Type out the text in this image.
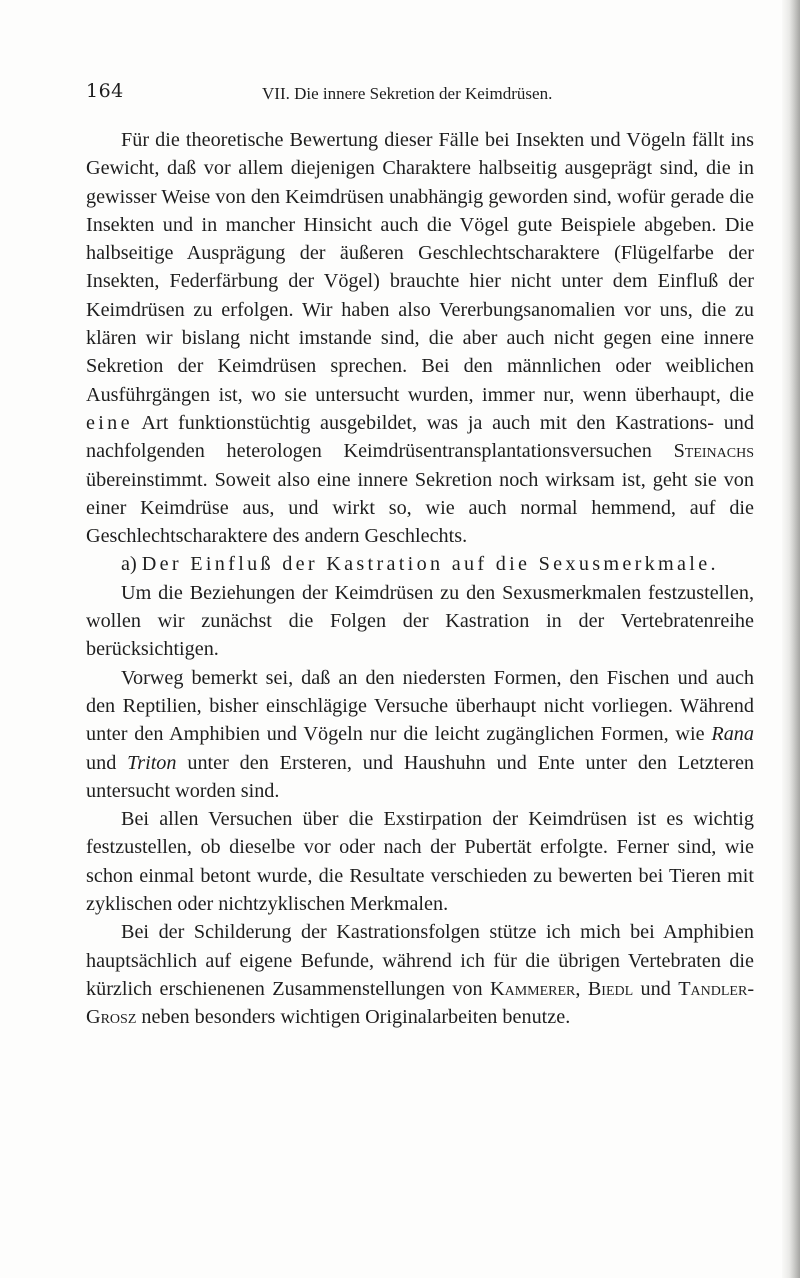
164	VII. Die innere Sekretion der Keimdrüsen.

Für die theoretische Bewertung dieser Fälle bei Insekten und Vögeln fällt ins Gewicht, daß vor allem diejenigen Charaktere halbseitig ausgeprägt sind, die in gewisser Weise von den Keimdrüsen unabhängig geworden sind, wofür gerade die Insekten und in mancher Hinsicht auch die Vögel gute Beispiele abgeben. Die halbseitige Ausprägung der äußeren Geschlechtscharaktere (Flügelfarbe der Insekten, Federfärbung der Vögel) brauchte hier nicht unter dem Einfluß der Keimdrüsen zu erfolgen. Wir haben also Vererbungsanomalien vor uns, die zu klären wir bislang nicht imstande sind, die aber auch nicht gegen eine innere Sekretion der Keimdrüsen sprechen. Bei den männlichen oder weiblichen Ausführgängen ist, wo sie untersucht wurden, immer nur, wenn überhaupt, die eine Art funktionstüchtig ausgebildet, was ja auch mit den Kastrations- und nachfolgenden heterologen Keimdrüsentransplantationsversuchen Steinachs übereinstimmt. Soweit also eine innere Sekretion noch wirksam ist, geht sie von einer Keimdrüse aus, und wirkt so, wie auch normal hemmend, auf die Geschlechtscharaktere des andern Geschlechts.

a) Der Einfluß der Kastration auf die Sexusmerkmale.

Um die Beziehungen der Keimdrüsen zu den Sexusmerkmalen festzustellen, wollen wir zunächst die Folgen der Kastration in der Vertebratenreihe berücksichtigen.

Vorweg bemerkt sei, daß an den niedersten Formen, den Fischen und auch den Reptilien, bisher einschlägige Versuche überhaupt nicht vorliegen. Während unter den Amphibien und Vögeln nur die leicht zugänglichen Formen, wie Rana und Triton unter den Ersteren, und Haushuhn und Ente unter den Letzteren untersucht worden sind.

Bei allen Versuchen über die Exstirpation der Keimdrüsen ist es wichtig festzustellen, ob dieselbe vor oder nach der Pubertät erfolgte. Ferner sind, wie schon einmal betont wurde, die Resultate verschieden zu bewerten bei Tieren mit zyklischen oder nichtzyklischen Merkmalen.

Bei der Schilderung der Kastrationsfolgen stütze ich mich bei Amphibien hauptsächlich auf eigene Befunde, während ich für die übrigen Vertebraten die kürzlich erschienenen Zusammenstellungen von Kammerer, Biedl und Tandler-Grosz neben besonders wichtigen Originalarbeiten benutze.
